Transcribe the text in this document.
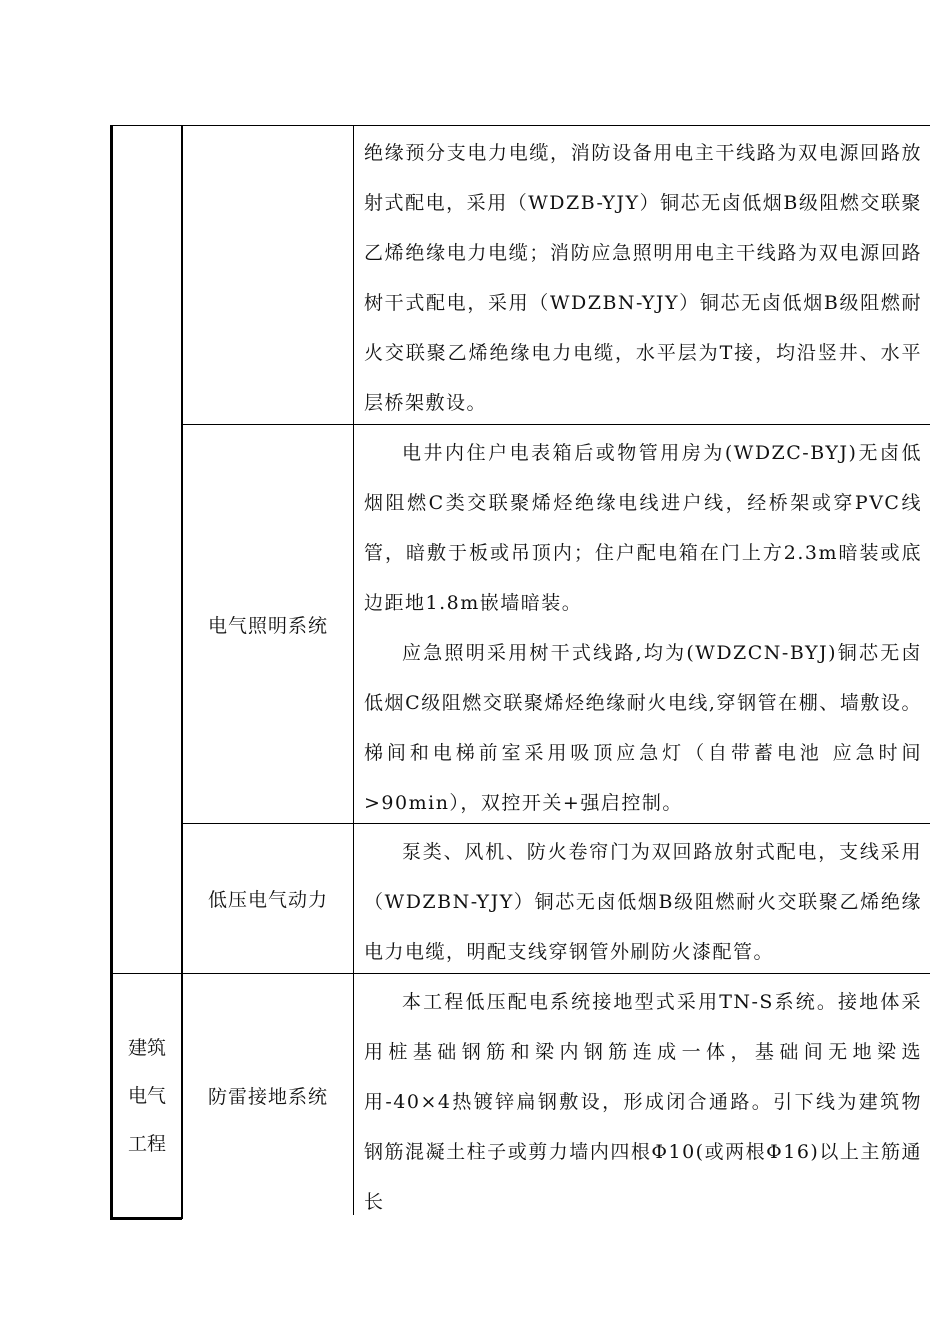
绝缘预分支电力电缆，消防设备用电主干线路为双电源回路放射式配电，采用（WDZB-YJY）铜芯无卤低烟B级阻燃交联聚乙烯绝缘电力电缆；消防应急照明用电主干线路为双电源回路树干式配电，采用（WDZBN-YJY）铜芯无卤低烟B级阻燃耐火交联聚乙烯绝缘电力电缆，水平层为T接，均沿竖井、水平层桥架敷设。

电气照明系统

电井内住户电表箱后或物管用房为(WDZC-BYJ)无卤低烟阻燃C类交联聚烯烃绝缘电线进户线，经桥架或穿PVC线管，暗敷于板或吊顶内；住户配电箱在门上方2.3m暗装或底边距地1.8m嵌墙暗装。

应急照明采用树干式线路,均为(WDZCN-BYJ)铜芯无卤低烟C级阻燃交联聚烯烃绝缘耐火电线,穿钢管在棚、墙敷设。梯间和电梯前室采用吸顶应急灯（自带蓄电池 应急时间>90min），双控开关+强启控制。

低压电气动力

泵类、风机、防火卷帘门为双回路放射式配电，支线采用（WDZBN-YJY）铜芯无卤低烟B级阻燃耐火交联聚乙烯绝缘电力电缆，明配支线穿钢管外刷防火漆配管。

建筑
电气
工程
防雷接地系统

本工程低压配电系统接地型式采用TN-S系统。接地体采用桩基础钢筋和梁内钢筋连成一体，基础间无地梁选用-40×4热镀锌扁钢敷设，形成闭合通路。引下线为建筑物钢筋混凝土柱子或剪力墙内四根Φ10(或两根Φ16)以上主筋通长
